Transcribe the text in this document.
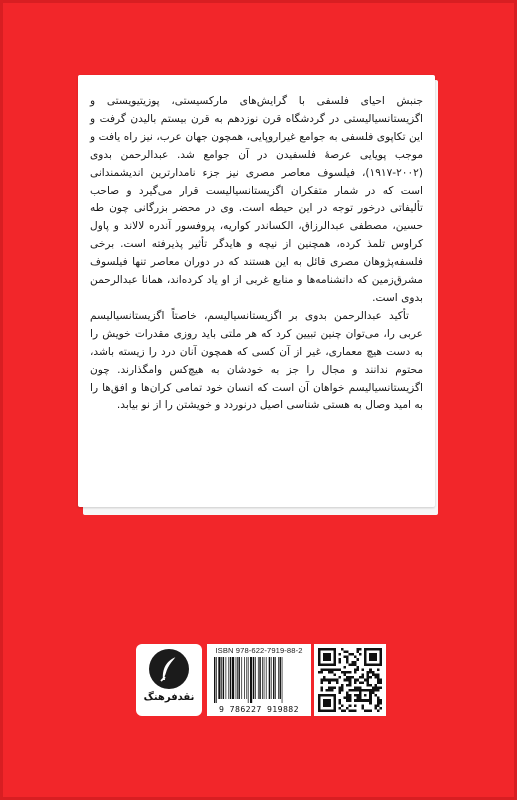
جنبش احیای فلسفی با گرایش‌های مارکسیستی، پوزیتیویستی و اگزیستانسیالیستی در گردشگاه قرن نوزدهم به قرن بیستم بالیدن گرفت و این تکاپوی فلسفی به جوامع غیراروپایی، همچون جهان عرب، نیز راه یافت و موجب پویایی عرصهٔ فلسفیدن در آن جوامع شد. عبدالرحمن بدوی (۲۰۰۲-۱۹۱۷)، فیلسوف معاصر مصری نیز جزء نامدارترین اندیشمندانی است که در شمار متفکران اگزیستانسیالیست قرار می‌گیرد و صاحب تألیفاتی درخور توجه در این حیطه است. وی در محضر بزرگانی چون طه حسین، مصطفی عبدالرزاق، الکساندر کواریه، پروفسور آندره لالاند و پاول کراوس تلمذ کرده، همچنین از نیچه و هایدگر تأثیر پذیرفته است. برخی فلسفه‌پژوهان مصری قائل به این هستند که در دوران معاصر تنها فیلسوف مشرق‌زمین که دانشنامه‌ها و منابع غربی از او یاد کرده‌اند، همانا عبدالرحمن بدوی است.

تأکید عبدالرحمن بدوی بر اگزیستانسیالیسم، خاصتاً اگزیستانسیالیسم عربی را، می‌توان چنین تبیین کرد که هر ملتی باید روزی مقدرات خویش را به دست هیچ معماری، غیر از آن کسی که همچون آنان درد را زیسته باشد، محتوم ندانند و مجال را جز به خودشان به هیچ‌کس وامگذارند. چون اگزیستانسیالیسم خواهان آن است که انسان خود تمامی کران‌ها و افق‌ها را به امید وصال به هستی شناسی اصیل درنوردد و خویشتن را از نو بیابد.

نقدفرهنگ
ISBN 978-622-7919-88-2
9 786227 919882
